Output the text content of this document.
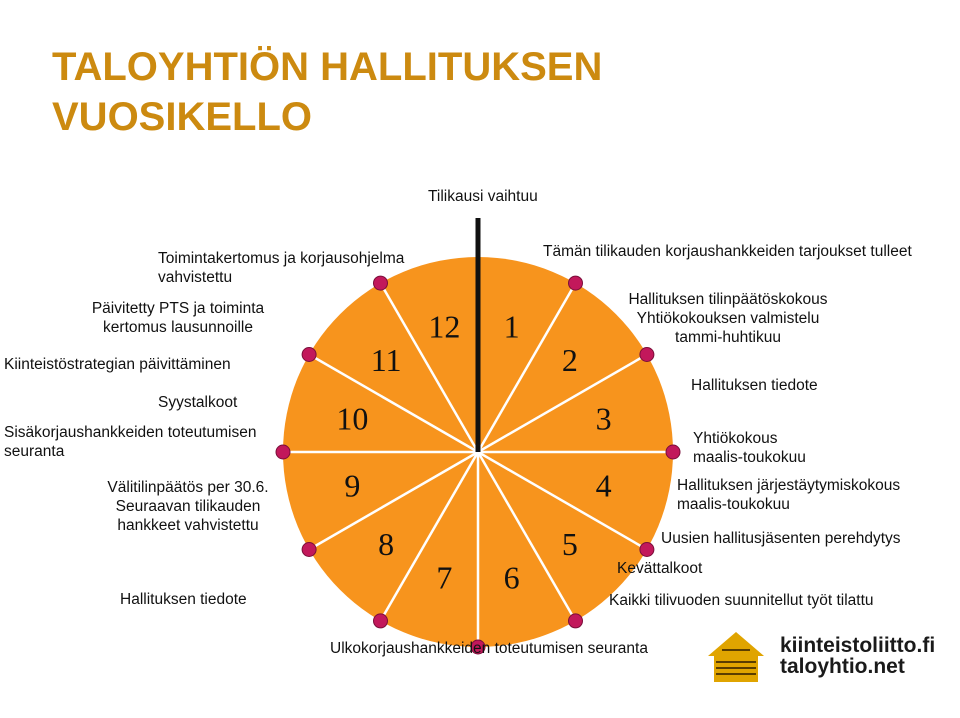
TALOYHTIÖN HALLITUKSEN
VUOSIKELLO
Tilikausi vaihtuu
1
2
3
4
5
6
7
8
9
10
11
12
Toimintakertomus ja korjausohjelma
vahvistettu
Päivitetty PTS ja toiminta
kertomus lausunnoille
Kiinteistöstrategian päivittäminen
Syystalkoot
Sisäkorjaushankkeiden toteutumisen
seuranta
Välitilinpäätös per 30.6.
Seuraavan tilikauden
hankkeet vahvistettu
Hallituksen tiedote
Tämän tilikauden korjaushankkeiden tarjoukset tulleet
Hallituksen tilinpäätöskokous
Yhtiökokouksen valmistelu
tammi-huhtikuu
Hallituksen tiedote
Yhtiökokous
maalis-toukokuu
Hallituksen järjestäytymiskokous
maalis-toukokuu
Uusien hallitusjäsenten perehdytys
Kevättalkoot
Kaikki tilivuoden suunnitellut työt tilattu
Ulkokorjaushankkeiden toteutumisen seuranta	kiinteistoliitto.fi
taloyhtio.net
